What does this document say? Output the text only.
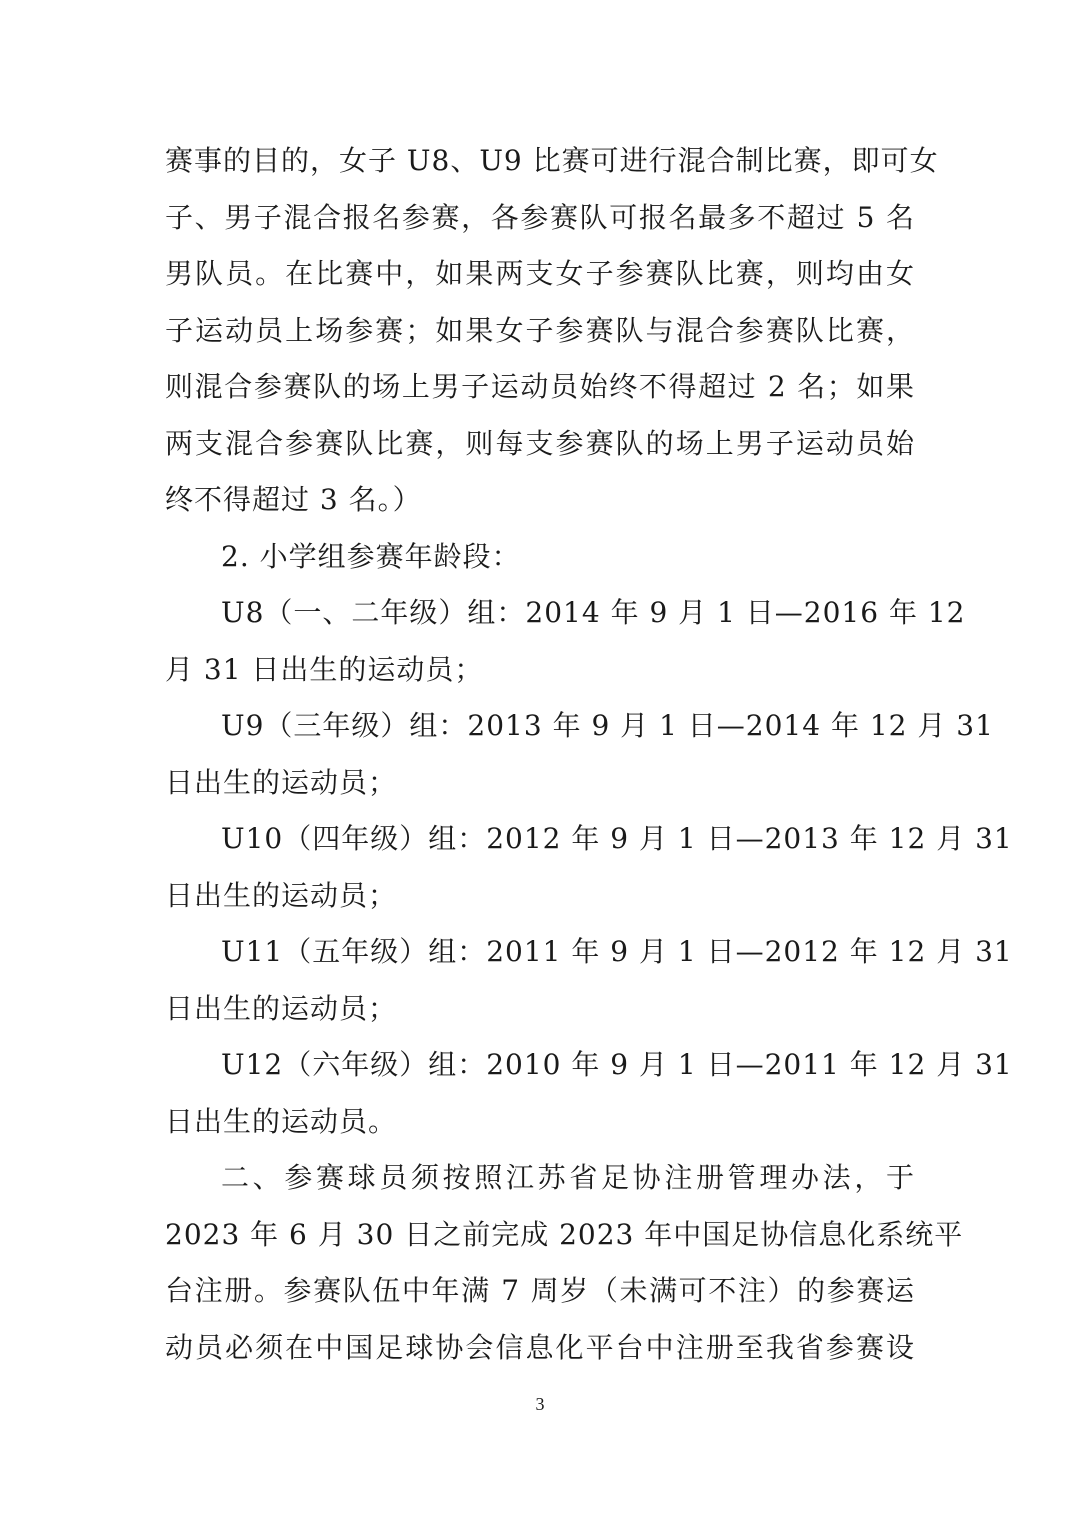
赛事的目的，女子 U8、U9 比赛可进行混合制比赛，即可女
子、男子混合报名参赛，各参赛队可报名最多不超过 5 名
男队员。在比赛中，如果两支女子参赛队比赛，则均由女
子运动员上场参赛；如果女子参赛队与混合参赛队比赛，
则混合参赛队的场上男子运动员始终不得超过 2 名；如果
两支混合参赛队比赛，则每支参赛队的场上男子运动员始
终不得超过 3 名。）
2. 小学组参赛年龄段：
U8（一、二年级）组：2014 年 9 月 1 日—2016 年 12
月 31 日出生的运动员；
U9（三年级）组：2013 年 9 月 1 日—2014 年 12 月 31
日出生的运动员；
U10（四年级）组：2012 年 9 月 1 日—2013 年 12 月 31
日出生的运动员；
U11（五年级）组：2011 年 9 月 1 日—2012 年 12 月 31
日出生的运动员；
U12（六年级）组：2010 年 9 月 1 日—2011 年 12 月 31
日出生的运动员。
二、参赛球员须按照江苏省足协注册管理办法，于
2023 年 6 月 30 日之前完成 2023 年中国足协信息化系统平
台注册。参赛队伍中年满 7 周岁（未满可不注）的参赛运
动员必须在中国足球协会信息化平台中注册至我省参赛设
3
